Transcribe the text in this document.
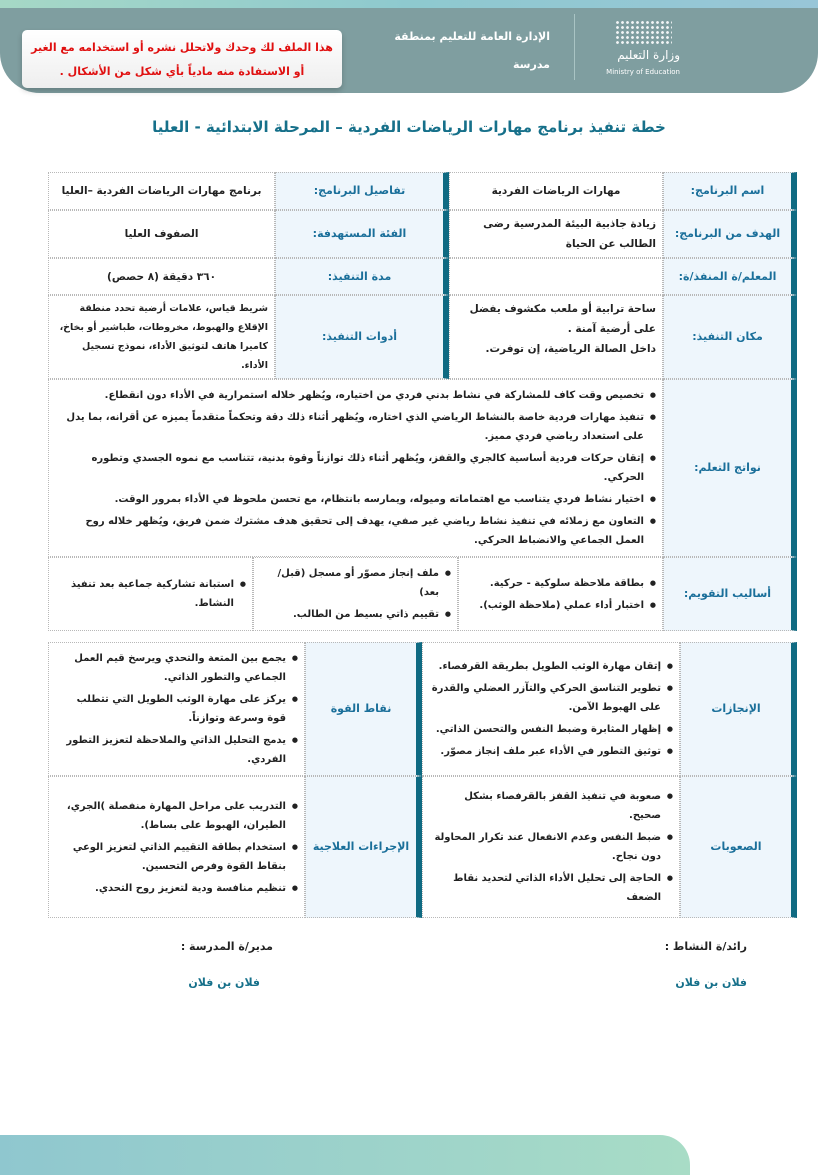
وزارة التعليم
Ministry of Education
الإدارة العامة للتعليم بمنطقة
مدرسة
هذا الملف لك وحدك ولاتحلل نشره أو استخدامه مع الغير
أو الاستفادة منه مادياً بأي شكل من الأشكال .
خطة تنفيذ برنامج مهارات الرياضات الفردية – المرحلة الابتدائية - العليا
اسم البرنامج:
مهارات الرياضات الفردية
تفاصيل البرنامج:
برنامج مهارات الرياضات الفردية –العليا
الهدف من البرنامج:
زيادة جاذبية البيئة المدرسية رضى الطالب عن الحياة
الفئة المستهدفة:
الصفوف العليا
المعلم/ة المنفذ/ة:
مدة التنفيذ:
٣٦٠ دقيقة (٨ حصص)
مكان التنفيذ:
ساحة ترابية أو ملعب مكشوف يفضل على أرضية آمنة .
داخل الصالة الرياضية، إن توفرت.
أدوات التنفيذ:
شريط قياس، علامات أرضية تحدد منطقة الإقلاع والهبوط، مخروطات، طباشير أو بخاخ، كاميرا هاتف لتوثيق الأداء، نموذج تسجيل الأداء.
نواتج التعلم:
● تخصيص وقت كاف للمشاركة في نشاط بدني فردي من اختياره، ويُظهر خلاله استمرارية في الأداء دون انقطاع.
● تنفيذ مهارات فردية خاصة بالنشاط الرياضي الذي اختاره، ويُظهر أثناء ذلك دقة وتحكماً متقدماً يميزه عن أقرانه، بما يدل على استعداد رياضي فردي مميز.
● إتقان حركات فردية أساسية كالجري والقفز، ويُظهر أثناء ذلك توازناً وقوة بدنية، تتناسب مع نموه الجسدي وتطوره الحركي.
● اختيار نشاط فردي يتناسب مع اهتماماته وميوله، ويمارسه بانتظام، مع تحسن ملحوظ في الأداء بمرور الوقت.
● التعاون مع زملائه في تنفيذ نشاط رياضي غير صفي، يهدف إلى تحقيق هدف مشترك ضمن فريق، ويُظهر خلاله روح العمل الجماعي والانضباط الحركي.
أساليب التقويم:
● بطاقة ملاحظة سلوكية - حركية.
● اختبار أداء عملي (ملاحظة الوثب).
● ملف إنجاز مصوّر أو مسجل (قبل/بعد)
● تقييم ذاتي بسيط من الطالب.
● استبانة تشاركية جماعية بعد تنفيذ النشاط.
الإنجازات
● إتقان مهارة الوثب الطويل بطريقة القرفصاء.
● تطوير التناسق الحركي والتآزر العضلي والقدرة على الهبوط الآمن.
● إظهار المثابرة وضبط النفس والتحسن الذاتي.
● توثيق التطور في الأداء عبر ملف إنجاز مصوّر.
نقاط القوة
● يجمع بين المتعة والتحدي ويرسخ قيم العمل الجماعي والتطور الذاتي.
● يركز على مهارة الوثب الطويل التي تتطلب قوة وسرعة وتوازناً.
● يدمج التحليل الذاتي والملاحظة لتعزيز التطور الفردي.
الصعوبات
● صعوبة في تنفيذ القفز بالقرفصاء بشكل صحيح.
● ضبط النفس وعدم الانفعال عند تكرار المحاولة دون نجاح.
● الحاجة إلى تحليل الأداء الذاتي لتحديد نقاط الضعف
الإجراءات العلاجية
● التدريب على مراحل المهارة منفصلة )الجري، الطيران، الهبوط على بساط).
● استخدام بطاقة التقييم الذاتي لتعزيز الوعي بنقاط القوة وفرص التحسين.
● تنظيم منافسة ودية لتعزيز روح التحدي.
رائد/ة النشاط :
فلان بن فلان
مدير/ة المدرسة :
فلان بن فلان
